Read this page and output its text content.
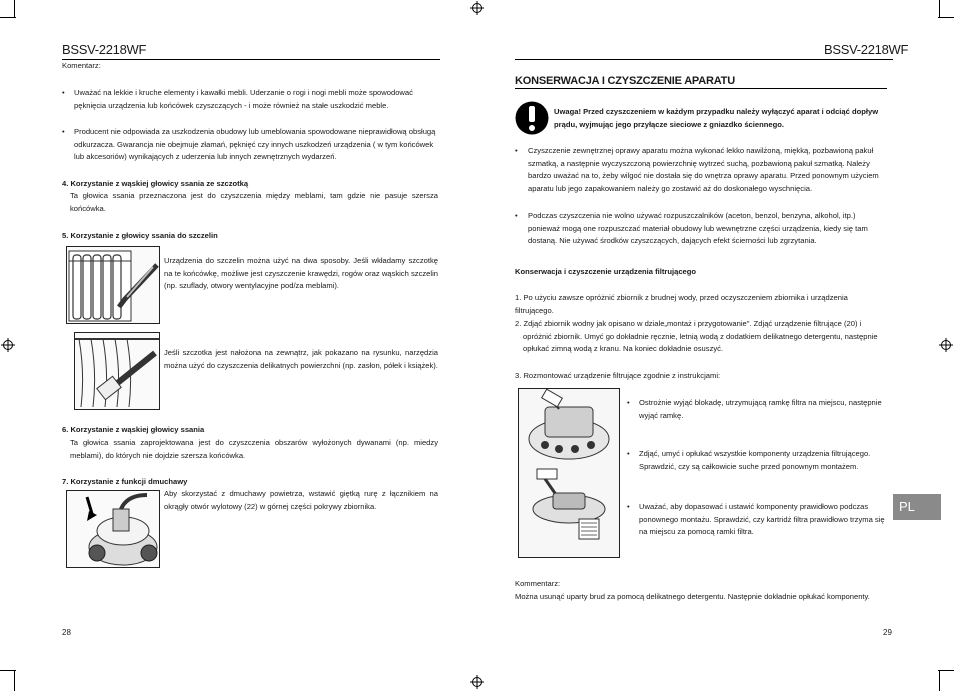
BSSV-2218WF
Komentarz:
• Uważać na lekkie i kruche elementy i kawałki mebli. Uderzanie o rogi i nogi mebli może spowodować pęknięcia urządzenia lub końcówek czyszczących - i może również na stałe uszkodzić meble.
• Producent nie odpowiada za uszkodzenia obudowy lub umeblowania spowodowane nieprawidłową obsługą odkurzacza. Gwarancja nie obejmuje złamań, pęknięć czy innych uszkodzeń urządzenia ( w tym końcówek lub akcesoriów) wynikających z uderzenia lub innych zewnętrznych wydarzeń.
4. Korzystanie z wąskiej głowicy ssania ze szczotką
Ta głowica ssania przeznaczona jest do czyszczenia między meblami, tam gdzie nie pasuje szersza końcówka.
5. Korzystanie z głowicy ssania do szczelin
Urządzenia do szczelin można użyć na dwa sposoby. Jeśli wkładamy szczotkę na te końcówkę, możliwe jest czyszczenie krawędzi, rogów oraz wąskich szczelin (np. szuflady, otwory wentylacyjne pod/za meblami).
Jeśli szczotka jest nałożona na zewnątrz, jak pokazano na rysunku, narzędzia można użyć do czyszczenia delikatnych powierzchni (np. zasłon, półek i książek).
6. Korzystanie z wąskiej głowicy ssania
Ta głowica ssania zaprojektowana jest do czyszczenia obszarów wyłożonych dywanami (np. miedzy meblami), do których nie dojdzie szersza końcówka.
7. Korzystanie z funkcji dmuchawy
Aby skorzystać z dmuchawy powietrza, wstawić giętką rurę z łącznikiem na okrągły otwór wylotowy (22) w górnej części pokrywy zbiornika.
28
BSSV-2218WF
KONSERWACJA I CZYSZCZENIE APARATU
Uwaga! Przed czyszczeniem w każdym przypadku należy wyłączyć aparat i odciąć dopływ prądu, wyjmując jego przyłącze sieciowe z gniazdko ściennego.
• Czyszczenie zewnętrznej oprawy aparatu można wykonać lekko nawilżoną, miękką, pozbawioną pakuł szmatką, a następnie wyczyszczoną powierzchnię wytrzeć suchą, pozbawioną pakuł szmatką. Należy bardzo uważać na to, żeby wilgoć nie dostała się do wnętrza oprawy aparatu. Przed ponownym użyciem aparatu lub jego zapakowaniem należy go zostawić aż do doskonałego wyschnięcia.
• Podczas czyszczenia nie wolno używać rozpuszczalników (aceton, benzol, benzyna, alkohol, itp.) ponieważ mogą one rozpuszczać materiał obudowy lub wewnętrzne części urządzenia, kiedy się tam dostaną. Nie używać środków czyszczących, dających efekt ścierności lub zgrzytania.
Konserwacja i czyszczenie urządzenia filtrującego
1. Po użyciu zawsze opróżnić zbiornik z brudnej wody, przed oczyszczeniem zbiornika i urządzenia filtrującego.
2. Zdjąć zbiornik wodny jak opisano w dziale„montaż i przygotowanie". Zdjąć urządzenie filtrujące (20) i opróżnić zbiornik. Umyć go dokładnie ręcznie, letnią wodą z dodatkiem delikatnego detergentu, następnie opłukać zimną wodą z kranu. Na koniec dokładnie osuszyć.
3. Rozmontować urządzenie filtrujące zgodnie z instrukcjami:
• Ostrożnie wyjąć blokadę, utrzymującą ramkę filtra na miejscu, następnie wyjąć ramkę.
• Zdjąć, umyć i opłukać wszystkie komponenty urządzenia filtrującego. Sprawdzić, czy są całkowicie suche przed ponownym montażem.
• Uważać, aby dopasować i ustawić komponenty prawidłowo podczas ponownego montażu. Sprawdzić, czy kartridż filtra prawidłowo trzyma się na miejscu za pomocą ramki filtra.
PL
Kommentarz:
Można usunąć uparty brud za pomocą delikatnego detergentu. Następnie dokładnie opłukać komponenty.
29
